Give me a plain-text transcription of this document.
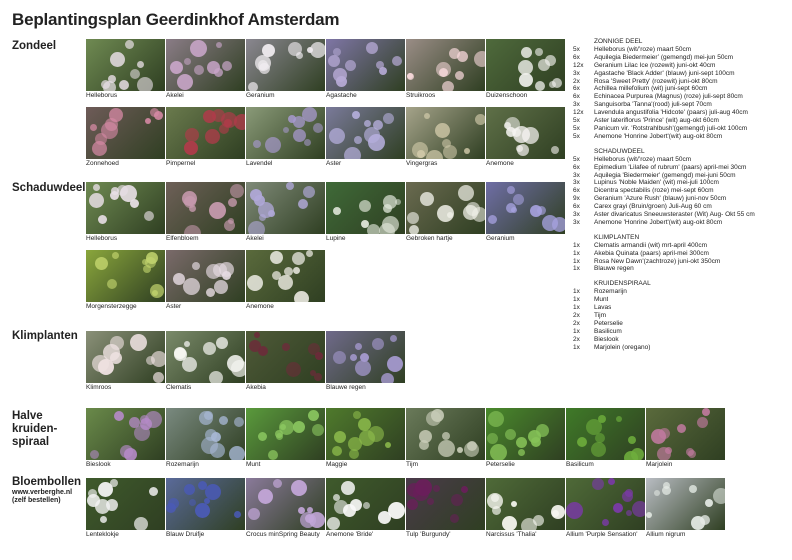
Beplantingsplan Geerdinkhof Amsterdam
Zondeel
Schaduwdeel
Klimplanten
Halve
kruiden-
spiraal
Bloembollen
www.verberghe.nl
(zelf bestellen)
Helleborus	Akelei	Geranium	Agastache	Struikroos	Duizenschoon
Zonnehoed	Pimpernel	Lavendel	Aster	Vingergras	Anemone
Helleborus	Elfenbloem	Akelei	Lupine	Gebroken hartje	Geranium
Morgensterzegge	Aster	Anemone
Klimroos	Clematis	Akebia	Blauwe regen
Bieslook	Rozemarijn	Munt	Maggie	Tijm	Peterselie	Basilicum	Marjolein
Lenteklokje	Blauw Druifje	Crocus minSpring Beauty Anemone 'Bride'	Tulp 'Burgundy'	Narcissus 'Thalia'	Allium 'Purple Sensation'	Allium nigrum
ZONNIGE DEEL
5x	Helleborus (wit/’roze) maart 50cm
6x	Aquilegia Biedermeier’ (gemengd) mei-jun 50cm
12x	Geranium Lilac Ice (rozewit) juni-okt 40cm
3x	Agastache 'Black Adder' (blauw) juni-sept 100cm
2x	Rosa 'Sweet Pretty' (rozewit) juni-okt 80cm
6x	Achillea millefolium (wit) juni-sept 60cm
6x	Echinacea Purpurea (Magnus) (roze) juli-sept 80cm
3x	Sanguisorba 'Tanna'(rood) juli-sept 70cm
12x	Lavendula angustifolia 'Hidcote' (paars) juli-aug 40cm
5x	Aster lateriflorus 'Prince' (wit) aug-okt 60cm
5x	Panicum vir. 'Rotstrahlbush'(gemengd) juli-okt 100cm
5x	Anemone 'Honrine Jobert'(wit) aug-okt 80cm
SCHADUWDEEL
5x	Helleborus (wit/’roze) maart 50cm
6x	Epimedium 'Lilafee of rubrum' (paars) april-mei 30cm
3x	Aquilegia 'Biedermeier' (gemengd) mei-juni 50cm
3x	Lupinus 'Noble Maiden' (wit) mei-juli 100cm
6x	Dicentra spectabilis (roze) mei-sept 60cm
9x	Geranium 'Azure Rush' (blauw) juni-nov 50cm
6x	Carex grayi (Bruin/groen) Juli-Aug 60 cm
3x	Aster divaricatus Sneeuwsteraster (Wit) Aug- Okt 55 cm
3x	Anemone 'Honrine Jobert'(wit) aug-okt 80cm
KLIMPLANTEN
1x	Clematis armandii (wit) mrt-april 400cm
1x	Akebia Quinata (paars) april-mei 300cm
1x	Rosa New Dawn'(zachtroze) juni-okt 350cm
1x	Blauwe regen
KRUIDENSPIRAAL
1x	Rozemarijn
1x	Munt
1x	Lavas
2x	Tijm
2x	Peterselie
1x	Basilicum
2x	Bieslook
1x	Marjolein (oregano)
